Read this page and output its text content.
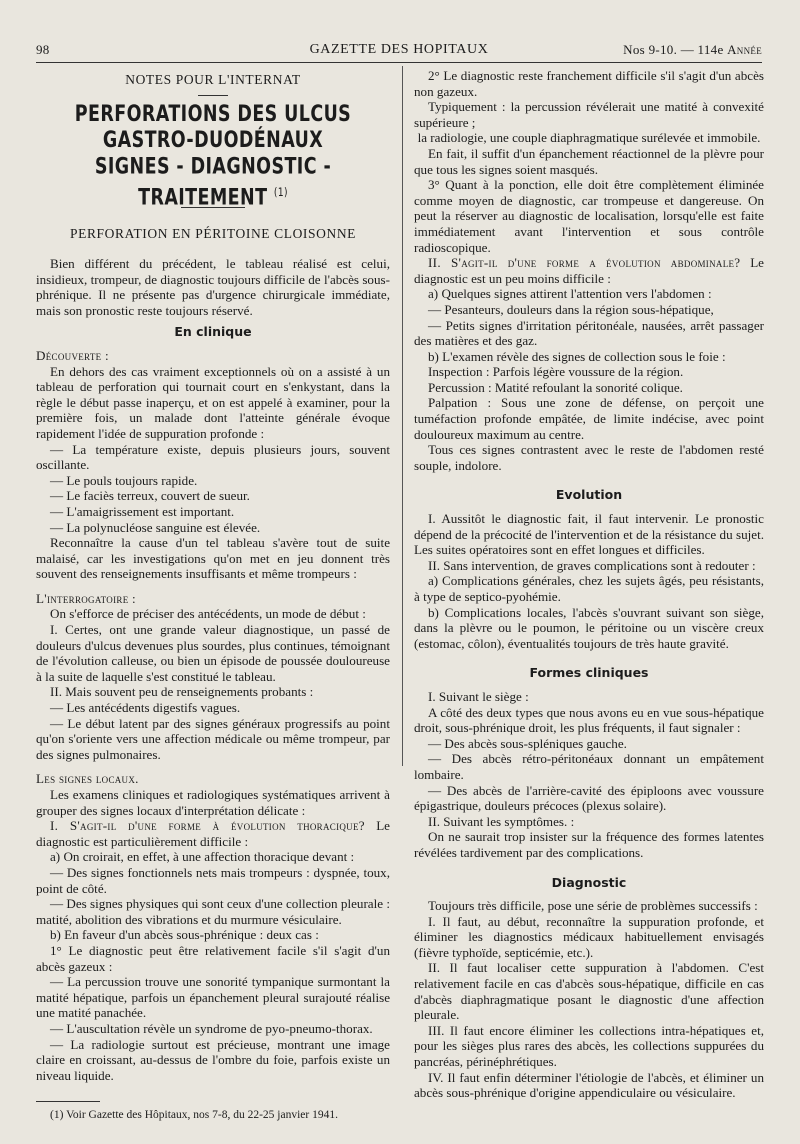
98	GAZETTE DES HOPITAUX	Nos 9-10. — 114e Année
NOTES POUR L'INTERNAT
PERFORATIONS DES ULCUS GASTRO-DUODÉNAUX
SIGNES - DIAGNOSTIC - TRAITEMENT $^{(1)}$
PERFORATION EN PÉRITOINE CLOISONNE

Bien différent du précédent, le tableau réalisé est celui, insidieux, trompeur, de diagnostic toujours difficile de l'abcès sous-phrénique. Il ne présente pas d'urgence chirurgicale immédiate, mais son pronostic reste toujours réservé.

En clinique

Découverte :

En dehors des cas vraiment exceptionnels où on a assisté à un tableau de perforation qui tournait court en s'enkystant, dans la règle le début passe inaperçu, et on est appelé à examiner, pour la première fois, un malade dont l'atteinte générale évoque rapidement l'idée de suppuration profonde :

— La température existe, depuis plusieurs jours, souvent oscillante.

— Le pouls toujours rapide.

— Le faciès terreux, couvert de sueur.

— L'amaigrissement est important.

— La polynucléose sanguine est élevée.

Reconnaître la cause d'un tel tableau s'avère tout de suite malaisé, car les investigations qu'on met en jeu donnent très souvent des renseignements insuffisants et même trompeurs :

L'interrogatoire :

On s'efforce de préciser des antécédents, un mode de début :

I. Certes, ont une grande valeur diagnostique, un passé de douleurs d'ulcus devenues plus sourdes, plus continues, témoignant de l'évolution calleuse, ou bien un épisode de poussée douloureuse à la suite de laquelle s'est constitué le tableau.

II. Mais souvent peu de renseignements probants :

— Les antécédents digestifs vagues.

— Le début latent par des signes généraux progressifs au point qu'on s'oriente vers une affection médicale ou même trompeur, par des signes pulmonaires.

Les signes locaux.

Les examens cliniques et radiologiques systématiques arrivent à grouper des signes locaux d'interprétation délicate :

I. S'agit-il d'une forme à évolution thoracique? Le diagnostic est particulièrement difficile :

a) On croirait, en effet, à une affection thoracique devant :

— Des signes fonctionnels nets mais trompeurs : dyspnée, toux, point de côté.

— Des signes physiques qui sont ceux d'une collection pleurale : matité, abolition des vibrations et du murmure vésiculaire.

b) En faveur d'un abcès sous-phrénique : deux cas :

1° Le diagnostic peut être relativement facile s'il s'agit d'un abcès gazeux :

— La percussion trouve une sonorité tympanique surmontant la matité hépatique, parfois un épanchement pleural surajouté réalise une matité panachée.

— L'auscultation révèle un syndrome de pyo-pneumo-thorax.

— La radiologie surtout est précieuse, montrant une image claire en croissant, au-dessus de l'ombre du foie, parfois existe un niveau liquide.

(1) Voir Gazette des Hôpitaux, nos 7-8, du 22-25 janvier 1941.

2° Le diagnostic reste franchement difficile s'il s'agit d'un abcès non gazeux.

Typiquement : la percussion révélerait une matité à convexité supérieure ;

la radiologie, une couple diaphragmatique surélevée et immobile.

En fait, il suffit d'un épanchement réactionnel de la plèvre pour que tous les signes soient masqués.

3° Quant à la ponction, elle doit être complètement éliminée comme moyen de diagnostic, car trompeuse et dangereuse. On peut la réserver au diagnostic de localisation, lorsqu'elle est faite immédiatement avant l'intervention et sous contrôle radioscopique.

II. S'agit-il d'une forme a évolution abdominale? Le diagnostic est un peu moins difficile :

a) Quelques signes attirent l'attention vers l'abdomen :

— Pesanteurs, douleurs dans la région sous-hépatique,

— Petits signes d'irritation péritonéale, nausées, arrêt passager des matières et des gaz.

b) L'examen révèle des signes de collection sous le foie :

Inspection : Parfois légère voussure de la région.

Percussion : Matité refoulant la sonorité colique.

Palpation : Sous une zone de défense, on perçoit une tuméfaction profonde empâtée, de limite indécise, avec point douloureux maximum au centre.

Tous ces signes contrastent avec le reste de l'abdomen resté souple, indolore.

Evolution

I. Aussitôt le diagnostic fait, il faut intervenir. Le pronostic dépend de la précocité de l'intervention et de la résistance du sujet. Les suites opératoires sont en effet longues et difficiles.

II. Sans intervention, de graves complications sont à redouter :

a) Complications générales, chez les sujets âgés, peu résistants, à type de septico-pyohémie.

b) Complications locales, l'abcès s'ouvrant suivant son siège, dans la plèvre ou le poumon, le péritoine ou un viscère creux (estomac, côlon), éventualités toujours de très haute gravité.

Formes cliniques

I. Suivant le siège :

A côté des deux types que nous avons eu en vue sous-hépatique droit, sous-phrénique droit, les plus fréquents, il faut signaler :

— Des abcès sous-spléniques gauche.

— Des abcès rétro-péritonéaux donnant un empâtement lombaire.

— Des abcès de l'arrière-cavité des épiploons avec voussure épigastrique, douleurs précoces (plexus solaire).

II. Suivant les symptômes. :

On ne saurait trop insister sur la fréquence des formes latentes révélées tardivement par des complications.

Diagnostic

Toujours très difficile, pose une série de problèmes successifs :

I. Il faut, au début, reconnaître la suppuration profonde, et éliminer les diagnostics médicaux habituellement envisagés (fièvre typhoïde, septicémie, etc.).

II. Il faut localiser cette suppuration à l'abdomen. C'est relativement facile en cas d'abcès sous-hépatique, difficile en cas d'abcès diaphragmatique posant le diagnostic d'une affection pleurale.

III. Il faut encore éliminer les collections intra-hépatiques et, pour les sièges plus rares des abcès, les collections suppurées du pancréas, périnéphrétiques.

IV. Il faut enfin déterminer l'étiologie de l'abcès, et éliminer un abcès sous-phrénique d'origine appendiculaire ou vésiculaire.
